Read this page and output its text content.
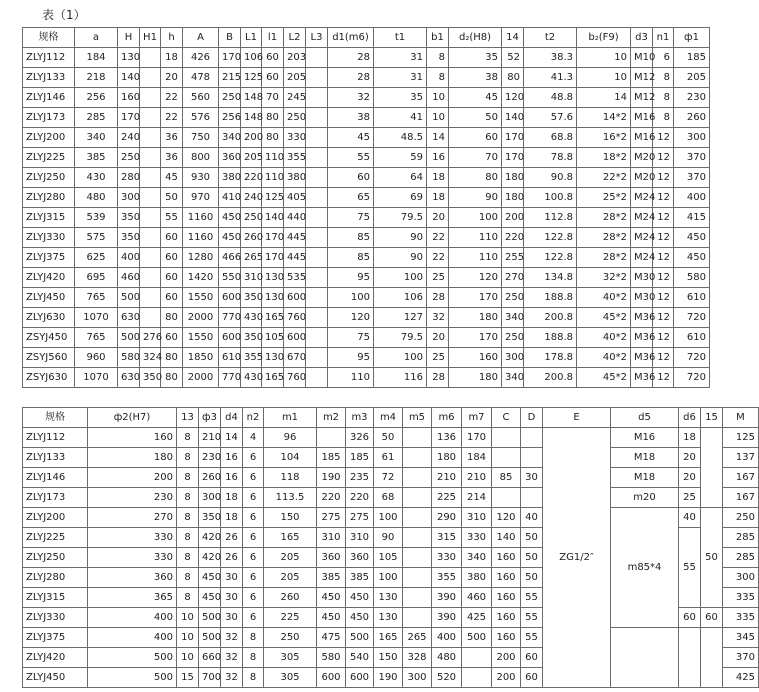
表（1）
规格	a	H	H1	h	A	B	L1	l1	L2	L3	d1(m6)	t1	b1	d₂(H8)	14	t2	b₂(F9)	d3	n1	ф1
ZLYJ112	184	130		18	426	170	106	60	203		28	31	8	35	52	38.3	10	M10	6	185
ZLYJ133	218	140		20	478	215	125	60	205		28	31	8	38	80	41.3	10	M12	8	205
ZLYJ146	256	160		22	560	250	148	70	245		32	35	10	45	120	48.8	14	M12	8	230
ZLYJ173	285	170		22	576	256	148	80	250		38	41	10	50	140	57.6	14*2	M16	8	260
ZLYJ200	340	240		36	750	340	200	80	330		45	48.5	14	60	170	68.8	16*2	M16	12	300
ZLYJ225	385	250		36	800	360	205	110	355		55	59	16	70	170	78.8	18*2	M20	12	370
ZLYJ250	430	280		45	930	380	220	110	380		60	64	18	80	180	90.8	22*2	M20	12	370
ZLYJ280	480	300		50	970	410	240	125	405		65	69	18	90	180	100.8	25*2	M24	12	400
ZLYJ315	539	350		55	1160	450	250	140	440		75	79.5	20	100	200	112.8	28*2	M24	12	415
ZLYJ330	575	350		60	1160	450	260	170	445		85	90	22	110	220	122.8	28*2	M24	12	450
ZLYJ375	625	400		60	1280	466	265	170	445		85	90	22	110	255	122.8	28*2	M24	12	450
ZLYJ420	695	460		60	1420	550	310	130	535		95	100	25	120	270	134.8	32*2	M30	12	580
ZLYJ450	765	500		60	1550	600	350	130	600		100	106	28	170	250	188.8	40*2	M30	12	610
ZLYJ630	1070	630		80	2000	770	430	165	760		120	127	32	180	340	200.8	45*2	M36	12	720
ZSYJ450	765	500	276	60	1550	600	350	105	600		75	79.5	20	170	250	188.8	40*2	M36	12	610
ZSYJ560	960	580	324	80	1850	610	355	130	670		95	100	25	160	300	178.8	40*2	M36	12	720
ZSYJ630	1070	630	350	80	2000	770	430	165	760		110	116	28	180	340	200.8	45*2	M36	12	720
规格	ф2(H7)	13	ф3	d4	n2	m1	m2	m3	m4	m5	m6	m7	C	D	E	d5	d6	15	M
ZLYJ112	160	8	210	14	4	96		326	50		136	170			ZG1/2″	M16	18		125
ZLYJ133	180	8	230	16	6	104	185	185	61		180	184				M18	20		137
ZLYJ146	200	8	260	16	6	118	190	235	72		210	210	85	30		M18	20		167
ZLYJ173	230	8	300	18	6	113.5	220	220	68		225	214				m20	25		167
ZLYJ200	270	8	350	18	6	150	275	275	100		290	310	120	40		m85*4	40	50	250
ZLYJ225	330	8	420	26	6	165	310	310	90		315	330	140	50			55		285
ZLYJ250	330	8	420	26	6	205	360	360	105		330	340	160	50					285
ZLYJ280	360	8	450	30	6	205	385	385	100		355	380	160	50					300
ZLYJ315	365	8	450	30	6	260	450	450	130		390	460	160	55					335
ZLYJ330	400	10	500	30	6	225	450	450	130		390	425	160	55			60	60	335
ZLYJ375	400	10	500	32	8	250	475	500	165	265	400	500	160	55					345
ZLYJ420	500	10	660	32	8	305	580	540	150	328	480		200	60					370
ZLYJ450	500	15	700	32	8	305	600	600	190	300	520		200	60					425
